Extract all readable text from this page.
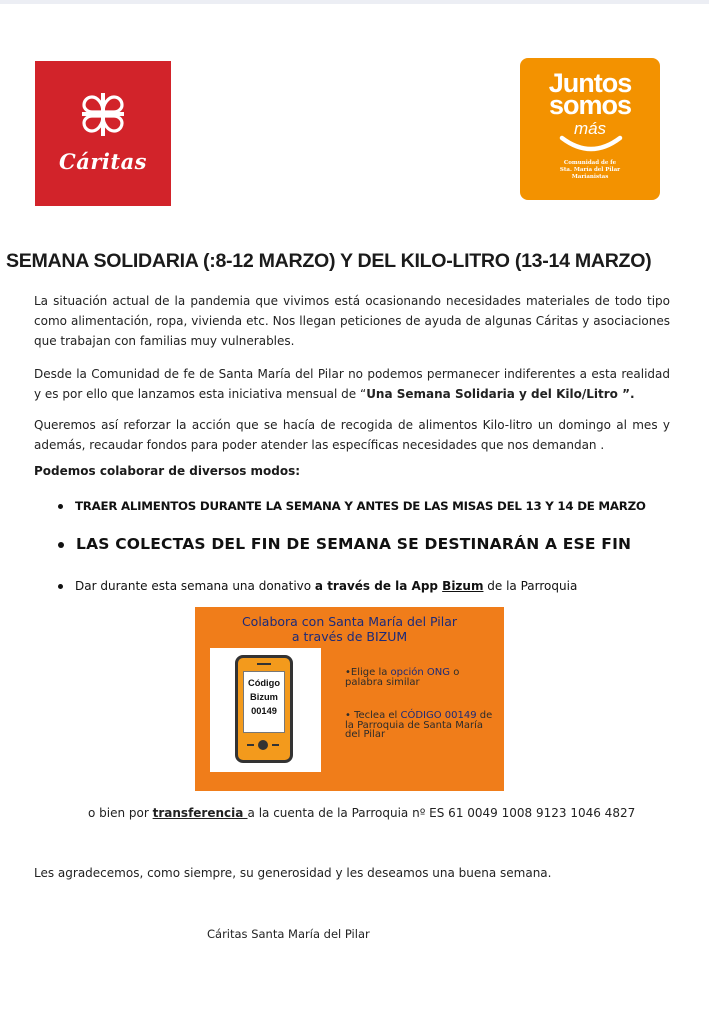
Cáritas
Juntos
somos
más
Comunidad de fe
Sta. María del Pilar
Marianistas
SEMANA SOLIDARIA (:8-12 MARZO) Y DEL KILO-LITRO (13-14 MARZO)

La situación actual de la pandemia que vivimos está ocasionando necesidades materiales de todo tipo como alimentación, ropa, vivienda etc. Nos llegan peticiones de ayuda de algunas Cáritas y asociaciones que trabajan con familias muy vulnerables.

Desde la Comunidad de fe de Santa María del Pilar no podemos permanecer indiferentes a esta realidad y es por ello que lanzamos esta iniciativa mensual de “Una Semana Solidaria y del Kilo/Litro ”.

Queremos así reforzar la acción que se hacía de recogida de alimentos Kilo-litro un domingo al mes y además, recaudar fondos para poder atender las específicas necesidades que nos demandan .

Podemos colaborar de diversos modos:

TRAER ALIMENTOS DURANTE LA SEMANA Y ANTES DE LAS MISAS DEL 13 Y 14 DE MARZO
LAS COLECTAS DEL FIN DE SEMANA SE DESTINARÁN A ESE FIN
Dar durante esta semana una donativo a través de la App Bizum de la Parroquia
Colabora con Santa María del Pilar
a través de BIZUM
Código
Bizum
00149
•Elige la opción ONG o palabra similar
• Teclea el CÓDIGO 00149 de la Parroquia de Santa María del Pilar

o bien por transferencia a la cuenta de la Parroquia nº ES 61 0049 1008 9123 1046 4827

Les agradecemos, como siempre, su generosidad y les deseamos una buena semana.

Cáritas Santa María del Pilar
